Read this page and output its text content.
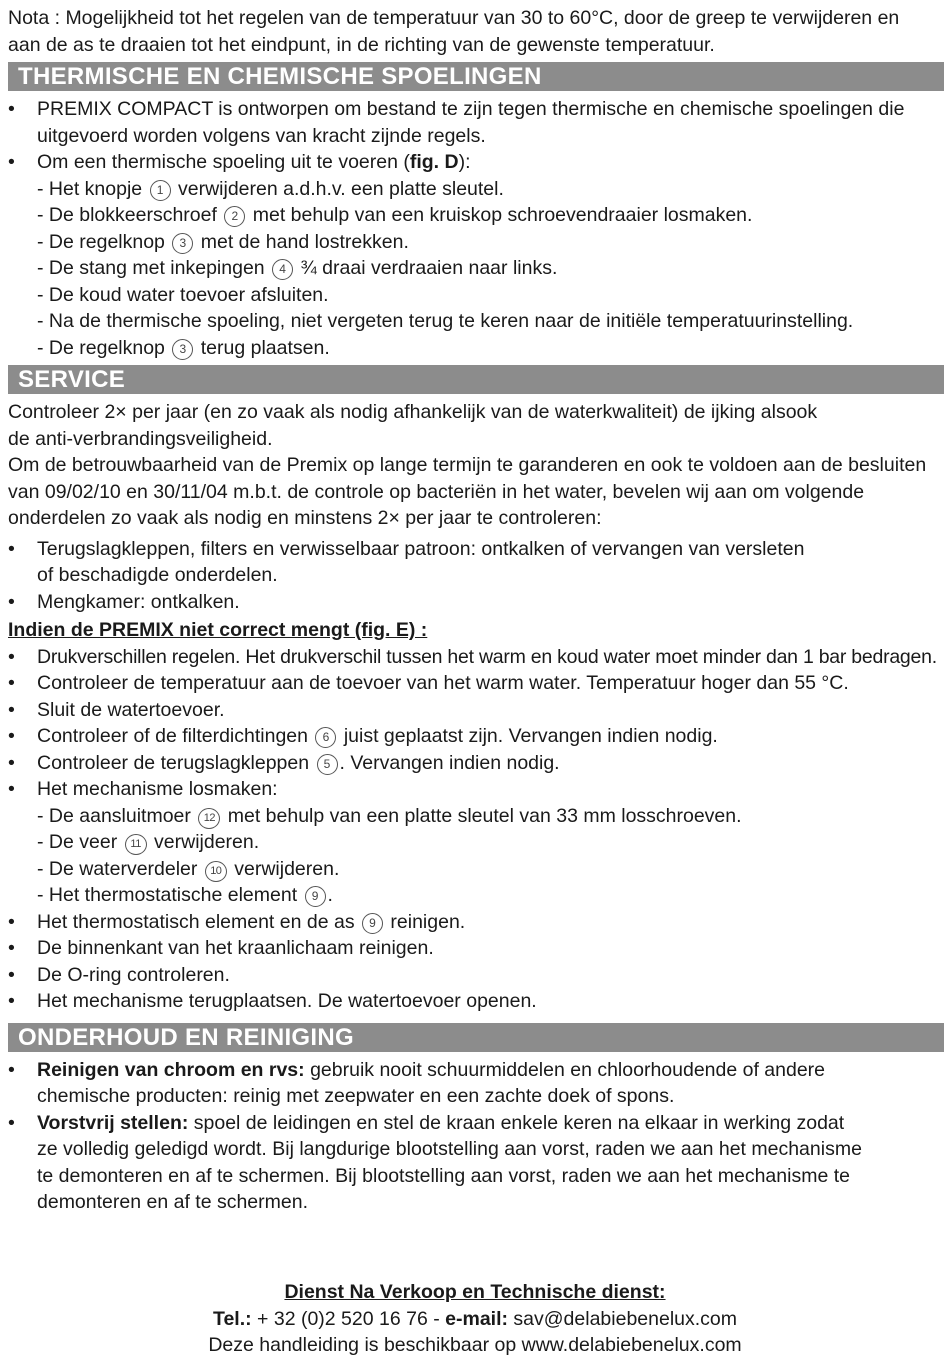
Nota : Mogelijkheid tot het regelen van de temperatuur van 30 to 60°C, door de greep te verwijderen en

aan de as te draaien tot het eindpunt, in de richting van de gewenste temperatuur.

THERMISCHE EN CHEMISCHE SPOELINGEN
• PREMIX COMPACT is ontworpen om bestand te zijn tegen thermische en chemische spoelingen die uitgevoerd worden volgens van kracht zijnde regels.
• Om een thermische spoeling uit te voeren (fig. D):
- Het knopje 1 verwijderen a.d.h.v. een platte sleutel.
- De blokkeerschroef 2 met behulp van een kruiskop schroevendraaier losmaken.
- De regelknop 3 met de hand lostrekken.
- De stang met inkepingen 4 ¾ draai verdraaien naar links.
- De koud water toevoer afsluiten.
- Na de thermische spoeling, niet vergeten terug te keren naar de initiële temperatuurinstelling.
- De regelknop 3 terug plaatsen.
SERVICE

Controleer 2× per jaar (en zo vaak als nodig afhankelijk van de waterkwaliteit) de ijking alsook

de anti-verbrandingsveiligheid.

Om de betrouwbaarheid van de Premix op lange termijn te garanderen en ook te voldoen aan de besluiten

van 09/02/10 en 30/11/04 m.b.t. de controle op bacteriën in het water, bevelen wij aan om volgende

onderdelen zo vaak als nodig en minstens 2× per jaar te controleren:

• Terugslagkleppen, filters en verwisselbaar patroon: ontkalken of vervangen van versleten
of beschadigde onderdelen.
• Mengkamer: ontkalken.

Indien de PREMIX niet correct mengt (fig. E) :

• Drukverschillen regelen. Het drukverschil tussen het warm en koud water moet minder dan 1 bar bedragen.
• Controleer de temperatuur aan de toevoer van het warm water. Temperatuur hoger dan 55 °C.
• Sluit de watertoevoer.
• Controleer of de filterdichtingen 6 juist geplaatst zijn. Vervangen indien nodig.
• Controleer de terugslagkleppen 5 . Vervangen indien nodig.
• Het mechanisme losmaken:
- De aansluitmoer 12 met behulp van een platte sleutel van 33 mm losschroeven.
- De veer 11 verwijderen.
- De waterverdeler 10 verwijderen.
- Het thermostatische element 9 .
• Het thermostatisch element en de as 9 reinigen.
• De binnenkant van het kraanlichaam reinigen.
• De O-ring controleren.
• Het mechanisme terugplaatsen. De watertoevoer openen.
ONDERHOUD EN REINIGING
• Reinigen van chroom en rvs: gebruik nooit schuurmiddelen en chloorhoudende of andere
chemische producten: reinig met zeepwater en een zachte doek of spons.
• Vorstvrij stellen: spoel de leidingen en stel de kraan enkele keren na elkaar in werking zodat
ze volledig geledigd wordt. Bij langdurige blootstelling aan vorst, raden we aan het mechanisme
te demonteren en af te schermen. Bij blootstelling aan vorst, raden we aan het mechanisme te
demonteren en af te schermen.
Dienst Na Verkoop en Technische dienst:
Tel.: + 32 (0)2 520 16 76 - e-mail: sav@delabiebenelux.com
Deze handleiding is beschikbaar op www.delabiebenelux.com
